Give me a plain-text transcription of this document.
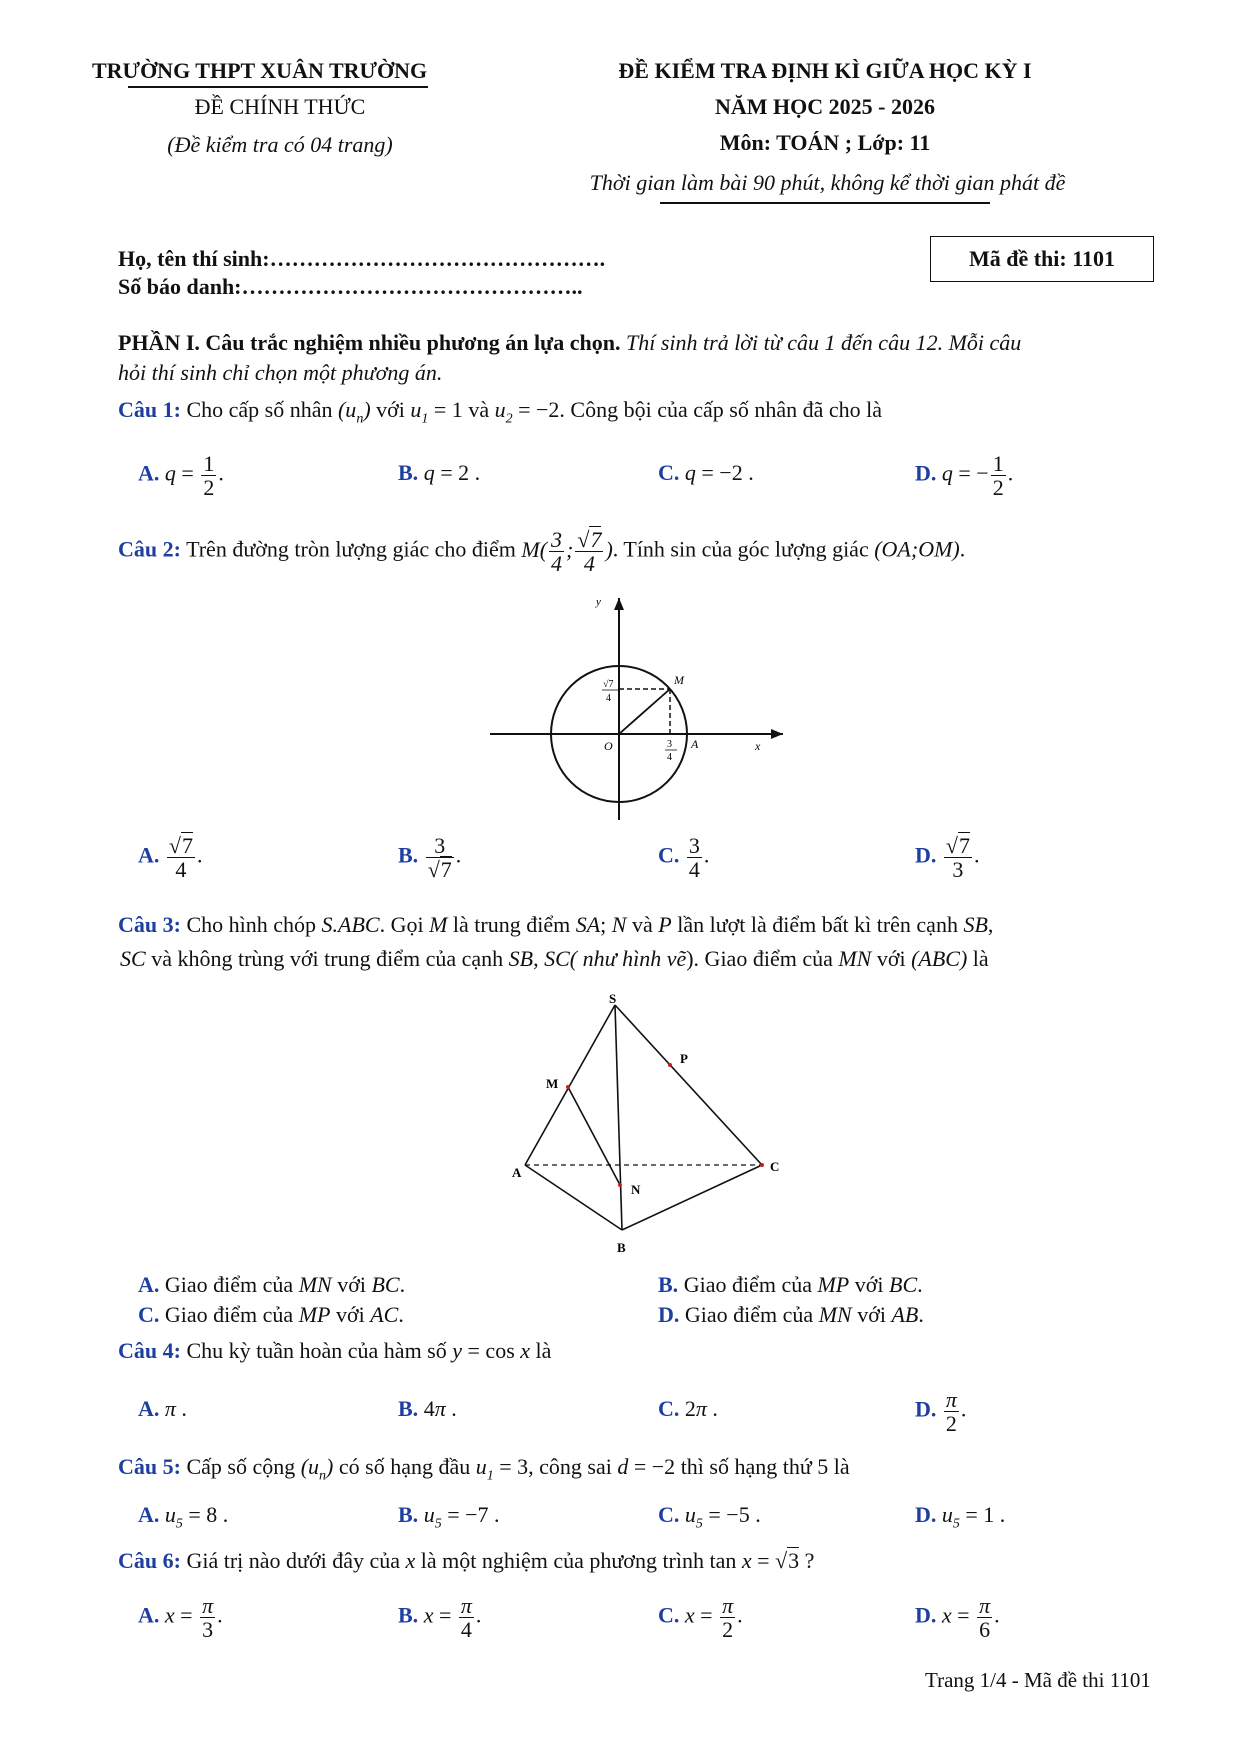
TRƯỜNG THPT XUÂN TRƯỜNG
ĐỀ CHÍNH THỨC
(Đề kiểm tra có 04 trang)
ĐỀ KIỂM TRA ĐỊNH KÌ GIỮA HỌC KỲ I
NĂM HỌC 2025 - 2026
Môn: TOÁN ; Lớp: 11
Thời gian làm bài 90 phút, không kể thời gian phát đề
Họ, tên thí sinh:……………………………………….
Số báo danh:………………………………………..
Mã đề thi: 1101
PHẦN I. Câu trắc nghiệm nhiều phương án lựa chọn. Thí sinh trả lời từ câu 1 đến câu 12. Mỗi câu
hỏi thí sinh chỉ chọn một phương án.
Câu 1: Cho cấp số nhân $(u_n)$ với $u_1 = 1$ và $u_2 = -2$. Công bội của cấp số nhân đã cho là
A. $q = \frac{1}{2}$ .	B. q = 2 .	C. q = −2 .	D. q = − $\frac{1}{2}$ .
Câu 2: Trên đường tròn lượng giác cho điểm $M( \frac{3}{4}$ ; $\frac{√7}{4}$ ). Tính sin của góc lượng giác (OA;OM).
y
x
O	A
M
√7
4
3
4
A. $\frac{√7}{4}$ .	B. $\frac{3}{√7}$ .	C. $\frac{3}{4}$ .	D. $\frac{√7}{3}$ .
Câu 3: Cho hình chóp S.ABC. Gọi M là trung điểm SA; N và P lần lượt là điểm bất kì trên cạnh SB,
SC và không trùng với trung điểm của cạnh SB, SC( như hình vẽ). Giao điểm của MN với (ABC) là
S
M
P
A	C
N
B
A. Giao điểm của MN với BC.	B. Giao điểm của MP với BC.
C. Giao điểm của MP với AC.	D. Giao điểm của MN với AB.
Câu 4: Chu kỳ tuần hoàn của hàm số y = cos x là
A. π .	B. 4π .	C. 2π .	D. $\frac{\pi}{2}$ .
Câu 5: Cấp số cộng $(u_n)$ có số hạng đầu $u_1 = 3$, công sai d = −2 thì số hạng thứ 5 là
A. $u_5 = 8$ .	B. $u_5 = -7$ .	C. $u_5 = -5$ .	D. $u_5 = 1$ .
Câu 6: Giá trị nào dưới đây của x là một nghiệm của phương trình tan x = √3 ?
A. $x = \frac{\pi}{3}$ .	B. $x = \frac{\pi}{4}$ .	C. $x = \frac{\pi}{2}$ .	D. $x = \frac{\pi}{6}$ .
Trang 1/4 - Mã đề thi 1101
